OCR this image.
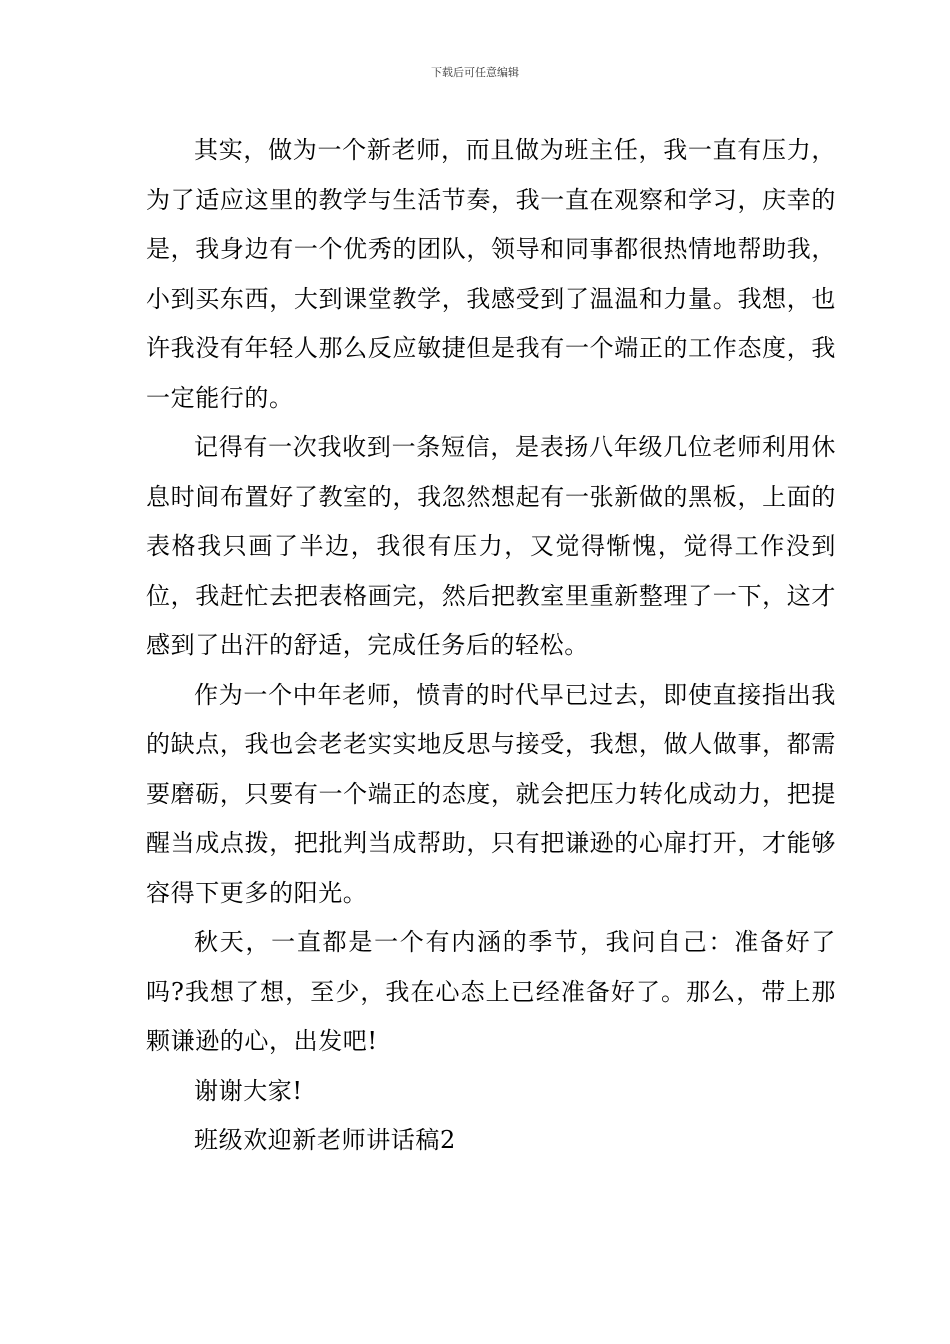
下载后可任意编辑

其实，做为一个新老师，而且做为班主任，我一直有压力，为了适应这里的教学与生活节奏，我一直在观察和学习，庆幸的是，我身边有一个优秀的团队，领导和同事都很热情地帮助我，小到买东西，大到课堂教学，我感受到了温温和力量。我想，也许我没有年轻人那么反应敏捷但是我有一个端正的工作态度，我一定能行的。

记得有一次我收到一条短信，是表扬八年级几位老师利用休息时间布置好了教室的，我忽然想起有一张新做的黑板，上面的表格我只画了半边，我很有压力，又觉得惭愧，觉得工作没到位，我赶忙去把表格画完，然后把教室里重新整理了一下，这才感到了出汗的舒适，完成任务后的轻松。

作为一个中年老师，愤青的时代早已过去，即使直接指出我的缺点，我也会老老实实地反思与接受，我想，做人做事，都需要磨砺，只要有一个端正的态度，就会把压力转化成动力，把提醒当成点拨，把批判当成帮助，只有把谦逊的心扉打开，才能够容得下更多的阳光。

秋天，一直都是一个有内涵的季节，我问自己：准备好了吗?我想了想，至少，我在心态上已经准备好了。那么，带上那颗谦逊的心，出发吧!

谢谢大家!

班级欢迎新老师讲话稿2
